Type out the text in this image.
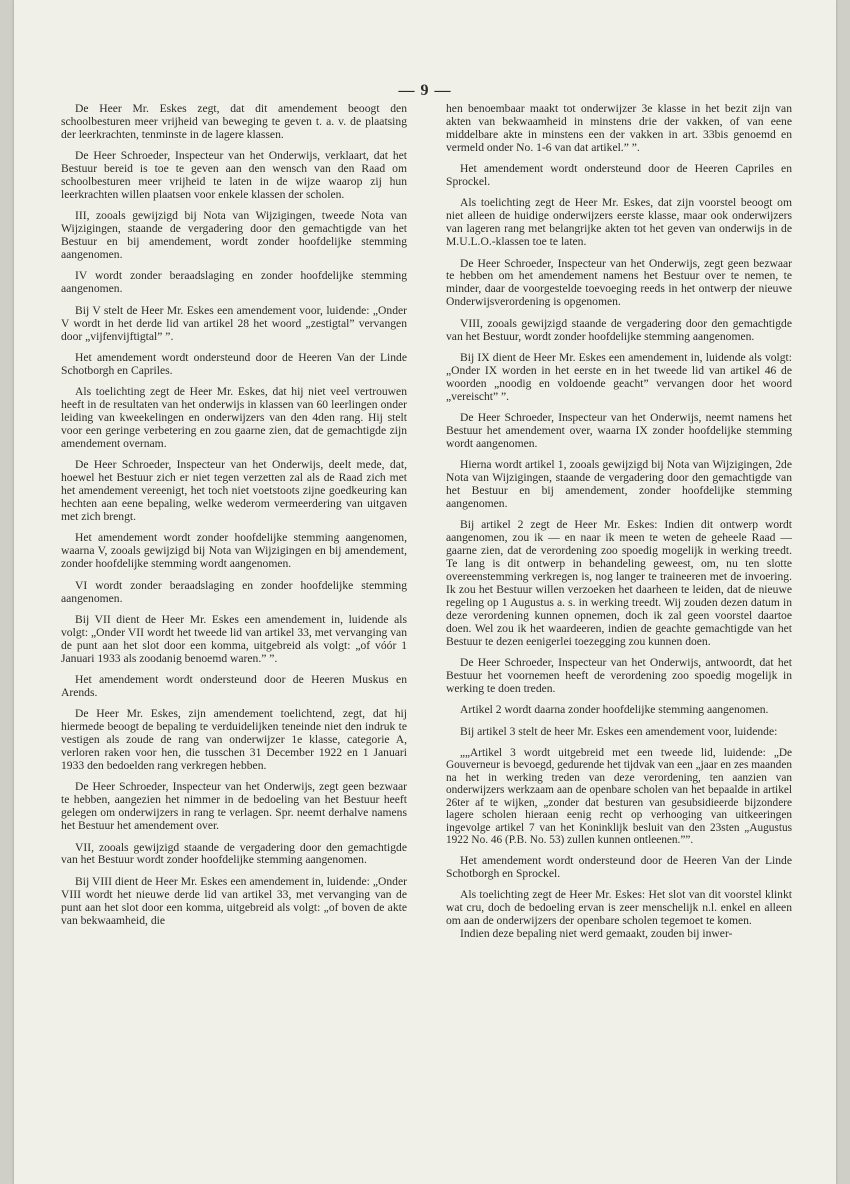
— 9 —

De Heer Mr. Eskes zegt, dat dit amendement beoogt den schoolbesturen meer vrijheid van beweging te geven t. a. v. de plaatsing der leerkrachten, tenminste in de lagere klassen.

De Heer Schroeder, Inspecteur van het Onderwijs, verklaart, dat het Bestuur bereid is toe te geven aan den wensch van den Raad om schoolbesturen meer vrijheid te laten in de wijze waarop zij hun leerkrachten willen plaatsen voor enkele klassen der scholen.

III, zooals gewijzigd bij Nota van Wijzigingen, tweede Nota van Wijzigingen, staande de vergadering door den gemachtigde van het Bestuur en bij amendement, wordt zonder hoofdelijke stemming aangenomen.

IV wordt zonder beraadslaging en zonder hoofdelijke stemming aangenomen.

Bij V stelt de Heer Mr. Eskes een amendement voor, luidende: „Onder V wordt in het derde lid van artikel 28 het woord „zestigtal” vervangen door „vijfenvijftigtal” ”.

Het amendement wordt ondersteund door de Heeren Van der Linde Schotborgh en Capriles.

Als toelichting zegt de Heer Mr. Eskes, dat hij niet veel vertrouwen heeft in de resultaten van het onderwijs in klassen van 60 leerlingen onder leiding van kweekelingen en onderwijzers van den 4den rang. Hij stelt voor een geringe verbetering en zou gaarne zien, dat de gemachtigde zijn amendement overnam.

De Heer Schroeder, Inspecteur van het Onderwijs, deelt mede, dat, hoewel het Bestuur zich er niet tegen verzetten zal als de Raad zich met het amendement vereenigt, het toch niet voetstoots zijne goedkeuring kan hechten aan eene bepaling, welke wederom vermeerdering van uitgaven met zich brengt.

Het amendement wordt zonder hoofdelijke stemming aangenomen, waarna V, zooals gewijzigd bij Nota van Wijzigingen en bij amendement, zonder hoofdelijke stemming wordt aangenomen.

VI wordt zonder beraadslaging en zonder hoofdelijke stemming aangenomen.

Bij VII dient de Heer Mr. Eskes een amendement in, luidende als volgt: „Onder VII wordt het tweede lid van artikel 33, met vervanging van de punt aan het slot door een komma, uitgebreid als volgt: „of vóór 1 Januari 1933 als zoodanig benoemd waren.” ”.

Het amendement wordt ondersteund door de Heeren Muskus en Arends.

De Heer Mr. Eskes, zijn amendement toelichtend, zegt, dat hij hiermede beoogt de bepaling te verduidelijken teneinde niet den indruk te vestigen als zoude de rang van onderwijzer 1e klasse, categorie A, verloren raken voor hen, die tusschen 31 December 1922 en 1 Januari 1933 den bedoelden rang verkregen hebben.

De Heer Schroeder, Inspecteur van het Onderwijs, zegt geen bezwaar te hebben, aangezien het nimmer in de bedoeling van het Bestuur heeft gelegen om onderwijzers in rang te verlagen. Spr. neemt derhalve namens het Bestuur het amendement over.

VII, zooals gewijzigd staande de vergadering door den gemachtigde van het Bestuur wordt zonder hoofdelijke stemming aangenomen.

Bij VIII dient de Heer Mr. Eskes een amendement in, luidende: „Onder VIII wordt het nieuwe derde lid van artikel 33, met vervanging van de punt aan het slot door een komma, uitgebreid als volgt: „of boven de akte van bekwaamheid, die

hen benoembaar maakt tot onderwijzer 3e klasse in het bezit zijn van akten van bekwaamheid in minstens drie der vakken, of van eene middelbare akte in minstens een der vakken in art. 33bis genoemd en vermeld onder No. 1-6 van dat artikel.” ”.

Het amendement wordt ondersteund door de Heeren Capriles en Sprockel.

Als toelichting zegt de Heer Mr. Eskes, dat zijn voorstel beoogt om niet alleen de huidige onderwijzers eerste klasse, maar ook onderwijzers van lageren rang met belangrijke akten tot het geven van onderwijs in de M.U.L.O.-klassen toe te laten.

De Heer Schroeder, Inspecteur van het Onderwijs, zegt geen bezwaar te hebben om het amendement namens het Bestuur over te nemen, te minder, daar de voorgestelde toevoeging reeds in het ontwerp der nieuwe Onderwijsverordening is opgenomen.

VIII, zooals gewijzigd staande de vergadering door den gemachtigde van het Bestuur, wordt zonder hoofdelijke stemming aangenomen.

Bij IX dient de Heer Mr. Eskes een amendement in, luidende als volgt: „Onder IX worden in het eerste en in het tweede lid van artikel 46 de woorden „noodig en voldoende geacht” vervangen door het woord „vereischt” ”.

De Heer Schroeder, Inspecteur van het Onderwijs, neemt namens het Bestuur het amendement over, waarna IX zonder hoofdelijke stemming wordt aangenomen.

Hierna wordt artikel 1, zooals gewijzigd bij Nota van Wijzigingen, 2de Nota van Wijzigingen, staande de vergadering door den gemachtigde van het Bestuur en bij amendement, zonder hoofdelijke stemming aangenomen.

Bij artikel 2 zegt de Heer Mr. Eskes: Indien dit ontwerp wordt aangenomen, zou ik — en naar ik meen te weten de geheele Raad — gaarne zien, dat de verordening zoo spoedig mogelijk in werking treedt. Te lang is dit ontwerp in behandeling geweest, om, nu ten slotte overeenstemming verkregen is, nog langer te traineeren met de invoering. Ik zou het Bestuur willen verzoeken het daarheen te leiden, dat de nieuwe regeling op 1 Augustus a. s. in werking treedt. Wij zouden dezen datum in deze verordening kunnen opnemen, doch ik zal geen voorstel daartoe doen. Wel zou ik het waardeeren, indien de geachte gemachtigde van het Bestuur te dezen eenigerlei toezegging zou kunnen doen.

De Heer Schroeder, Inspecteur van het Onderwijs, antwoordt, dat het Bestuur het voornemen heeft de verordening zoo spoedig mogelijk in werking te doen treden.

Artikel 2 wordt daarna zonder hoofdelijke stemming aangenomen.

Bij artikel 3 stelt de heer Mr. Eskes een amendement voor, luidende:

„„Artikel 3 wordt uitgebreid met een tweede lid, luidende: „De Gouverneur is bevoegd, gedurende het tijdvak van een „jaar en zes maanden na het in werking treden van deze verordening, ten aanzien van onderwijzers werkzaam aan de openbare scholen van het bepaalde in artikel 26ter af te wijken, „zonder dat besturen van gesubsidieerde bijzondere lagere scholen hieraan eenig recht op verhooging van uitkeeringen ingevolge artikel 7 van het Koninklijk besluit van den 23sten „Augustus 1922 No. 46 (P.B. No. 53) zullen kunnen ontleenen.””.

Het amendement wordt ondersteund door de Heeren Van der Linde Schotborgh en Sprockel.

Als toelichting zegt de Heer Mr. Eskes: Het slot van dit voorstel klinkt wat cru, doch de bedoeling ervan is zeer menschelijk n.l. enkel en alleen om aan de onderwijzers der openbare scholen tegemoet te komen.

Indien deze bepaling niet werd gemaakt, zouden bij inwer-
